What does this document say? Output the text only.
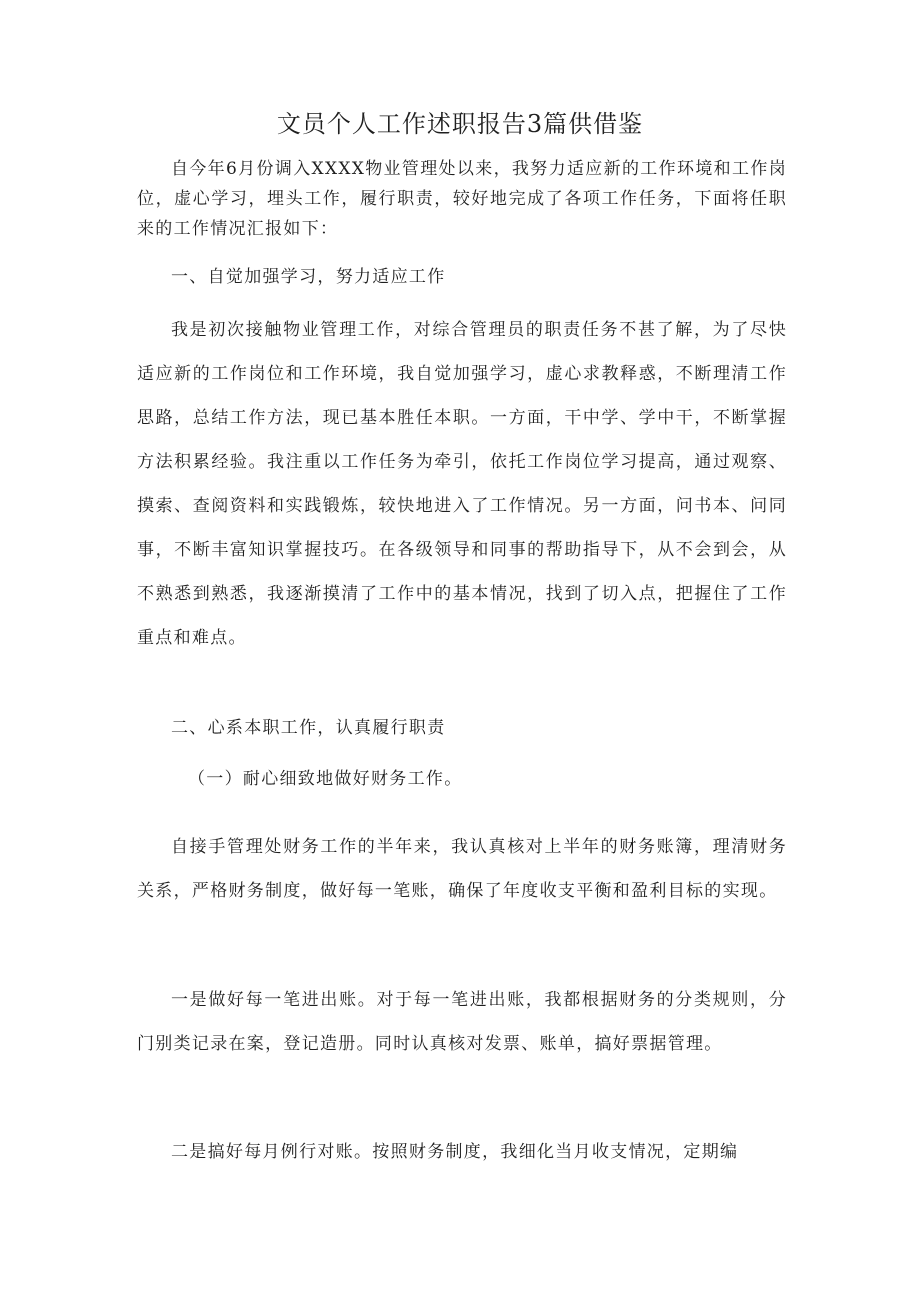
文员个人工作述职报告3篇供借鉴
自今年6月份调入XXXX物业管理处以来，我努力适应新的工作环境和工作岗位，虚心学习，埋头工作，履行职责，较好地完成了各项工作任务，下面将任职来的工作情况汇报如下：
一、自觉加强学习，努力适应工作
我是初次接触物业管理工作，对综合管理员的职责任务不甚了解，为了尽快适应新的工作岗位和工作环境，我自觉加强学习，虚心求教释惑，不断理清工作思路，总结工作方法，现已基本胜任本职。一方面，干中学、学中干，不断掌握方法积累经验。我注重以工作任务为牵引，依托工作岗位学习提高，通过观察、摸索、查阅资料和实践锻炼，较快地进入了工作情况。另一方面，问书本、问同事，不断丰富知识掌握技巧。在各级领导和同事的帮助指导下，从不会到会，从不熟悉到熟悉，我逐渐摸清了工作中的基本情况，找到了切入点，把握住了工作重点和难点。
二、心系本职工作，认真履行职责
（一）耐心细致地做好财务工作。
自接手管理处财务工作的半年来，我认真核对上半年的财务账簿，理清财务关系，严格财务制度，做好每一笔账，确保了年度收支平衡和盈利目标的实现。
一是做好每一笔进出账。对于每一笔进出账，我都根据财务的分类规则，分门别类记录在案，登记造册。同时认真核对发票、账单，搞好票据管理。
二是搞好每月例行对账。按照财务制度，我细化当月收支情况，定期编
